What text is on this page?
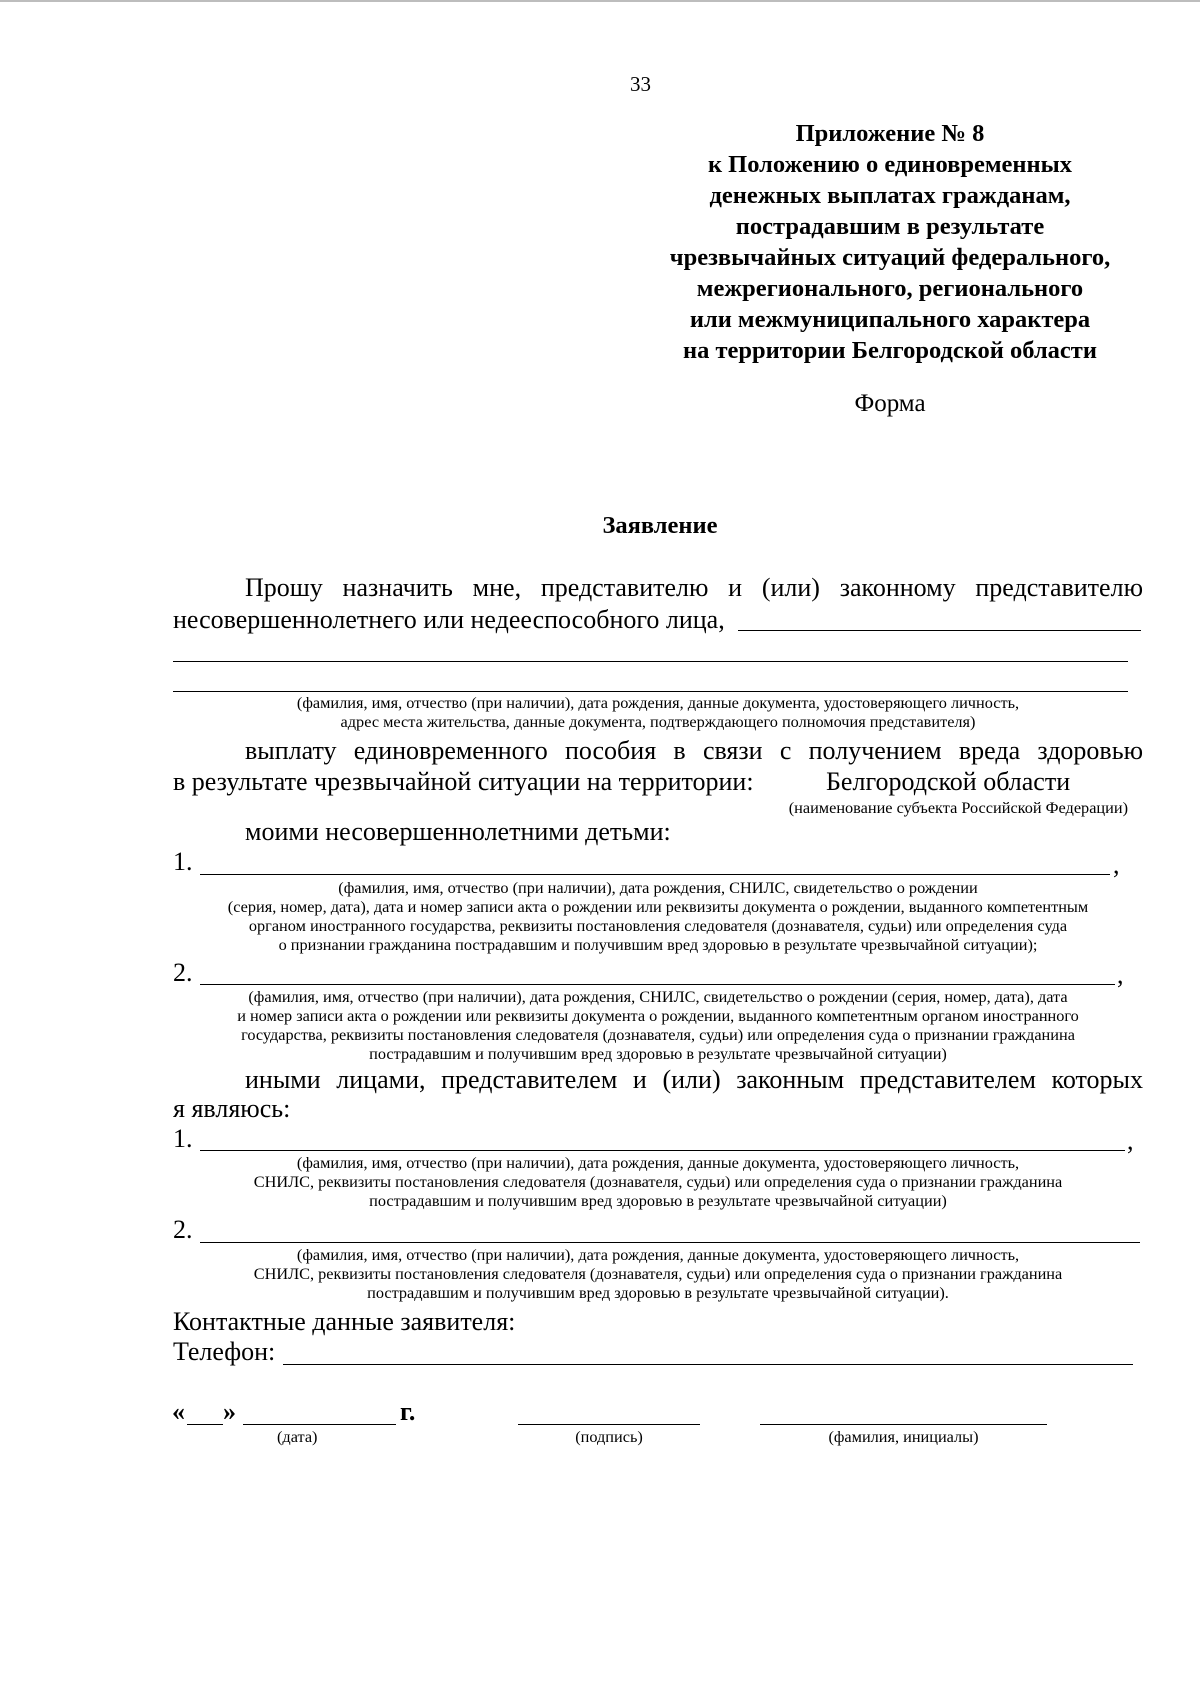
33
Приложение № 8
к Положению о единовременных
денежных выплатах гражданам,
пострадавшим в результате
чрезвычайных ситуаций федерального,
межрегионального, регионального
или межмуниципального характера
на территории Белгородской области
Форма
Заявление
Прошу назначить мне, представителю и (или) законному представителю
несовершеннолетнего или недееспособного лица,
(фамилия, имя, отчество (при наличии), дата рождения, данные документа, удостоверяющего личность,
адрес места жительства, данные документа, подтверждающего полномочия представителя)
выплату единовременного пособия в связи с получением вреда здоровью
в результате чрезвычайной ситуации на территории:	Белгородской области
(наименование субъекта Российской Федерации)
моими несовершеннолетними детьми:
1.	,
(фамилия, имя, отчество (при наличии), дата рождения, СНИЛС, свидетельство о рождении
(серия, номер, дата), дата и номер записи акта о рождении или реквизиты документа о рождении, выданного компетентным
органом иностранного государства, реквизиты постановления следователя (дознавателя, судьи) или определения суда
о признании гражданина пострадавшим и получившим вред здоровью в результате чрезвычайной ситуации);
2.	,
(фамилия, имя, отчество (при наличии), дата рождения, СНИЛС, свидетельство о рождении (серия, номер, дата), дата
и номер записи акта о рождении или реквизиты документа о рождении, выданного компетентным органом иностранного
государства, реквизиты постановления следователя (дознавателя, судьи) или определения суда о признании гражданина
пострадавшим и получившим вред здоровью в результате чрезвычайной ситуации)
иными лицами, представителем и (или) законным представителем которых
я являюсь:
1.	,
(фамилия, имя, отчество (при наличии), дата рождения, данные документа, удостоверяющего личность,
СНИЛС, реквизиты постановления следователя (дознавателя, судьи) или определения суда о признании гражданина
пострадавшим и получившим вред здоровью в результате чрезвычайной ситуации)
2.
(фамилия, имя, отчество (при наличии), дата рождения, данные документа, удостоверяющего личность,
СНИЛС, реквизиты постановления следователя (дознавателя, судьи) или определения суда о признании гражданина
пострадавшим и получившим вред здоровью в результате чрезвычайной ситуации).
Контактные данные заявителя:
Телефон:
« »	г.
(дата)	(подпись)	(фамилия, инициалы)
